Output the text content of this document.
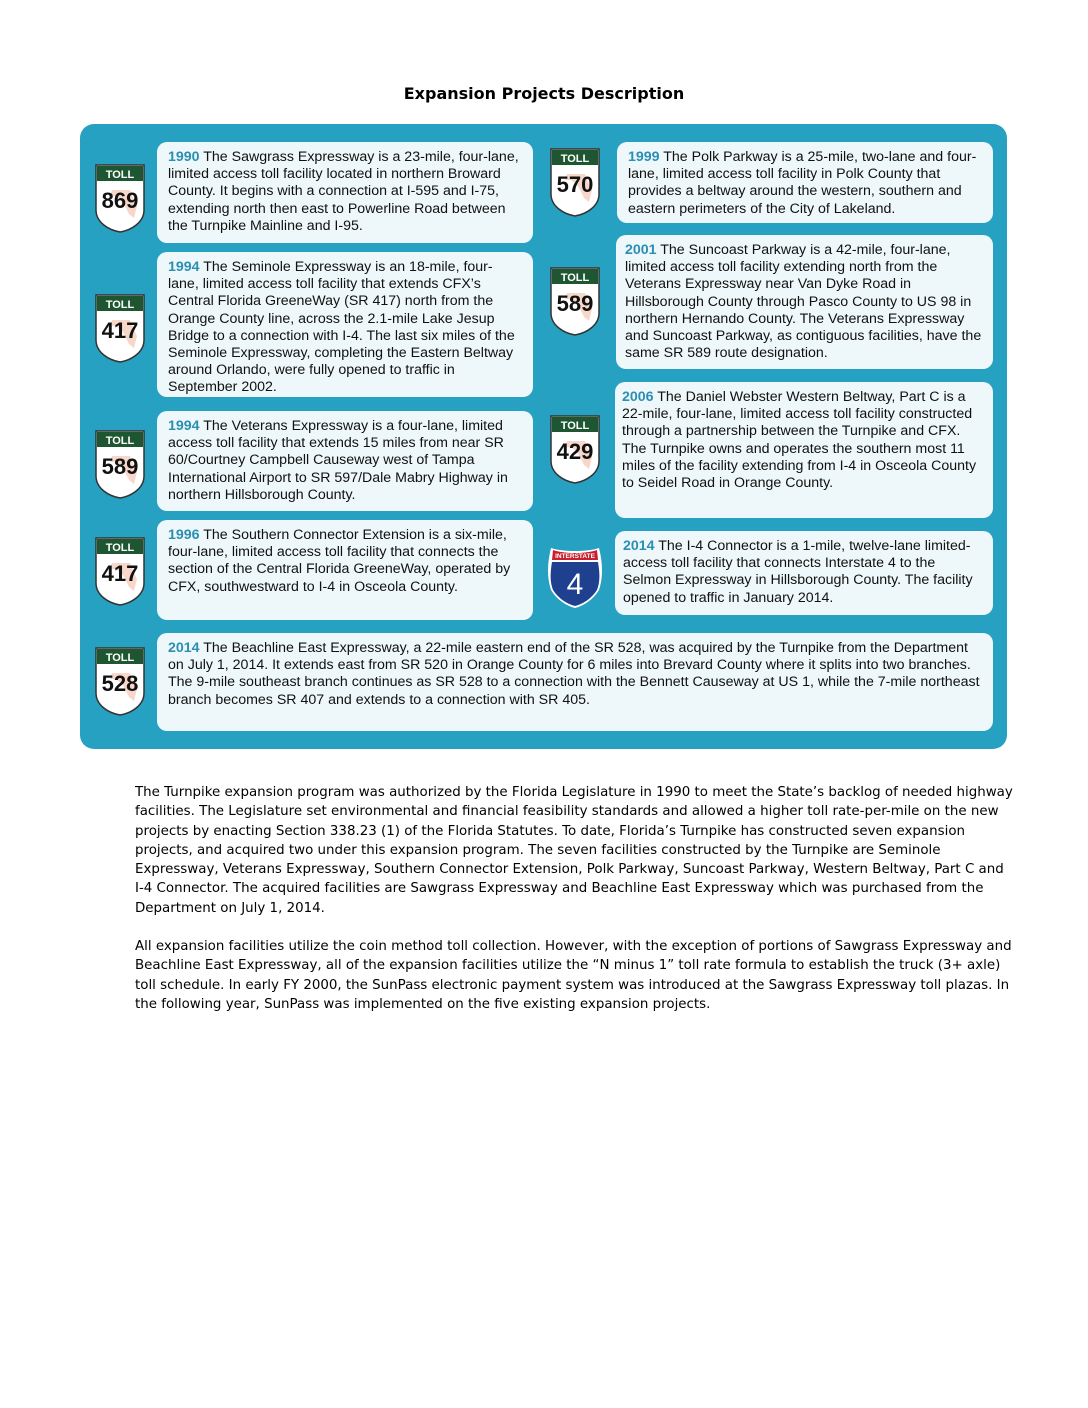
Expansion Projects Description
TOLL
869
TOLL
417
TOLL
589
TOLL
417
TOLL
528
TOLL
570
TOLL
589
TOLL
429
INTERSTATE
4
1990 The Sawgrass Expressway is a 23-mile, four-lane, limited access toll facility located in northern Broward County. It begins with a connection at I-595 and I-75, extending north then east to Powerline Road between the Turnpike Mainline and I-95.
1994 The Seminole Expressway is an 18-mile, four-lane, limited access toll facility that extends CFX’s Central Florida GreeneWay (SR 417) north from the Orange County line, across the 2.1-mile Lake Jesup Bridge to a connection with I-4. The last six miles of the Seminole Expressway, completing the Eastern Beltway around Orlando, were fully opened to traffic in September 2002.
1994 The Veterans Expressway is a four-lane, limited access toll facility that extends 15 miles from near SR 60/Courtney Campbell Causeway west of Tampa International Airport to SR 597/Dale Mabry Highway in northern Hillsborough County.
1996 The Southern Connector Extension is a six-mile, four-lane, limited access toll facility that connects the section of the Central Florida GreeneWay, operated by CFX, southwestward to I-4 in Osceola County.
1999 The Polk Parkway is a 25-mile, two-lane and four-lane, limited access toll facility in Polk County that provides a beltway around the western, southern and eastern perimeters of the City of Lakeland.
2001 The Suncoast Parkway is a 42-mile, four-lane, limited access toll facility extending north from the Veterans Expressway near Van Dyke Road in Hillsborough County through Pasco County to US 98 in northern Hernando County. The Veterans Expressway and Suncoast Parkway, as contiguous facilities, have the same SR 589 route designation.
2006 The Daniel Webster Western Beltway, Part C is a 22-mile, four-lane, limited access toll facility constructed through a partnership between the Turnpike and CFX. The Turnpike owns and operates the southern most 11 miles of the facility extending from I-4 in Osceola County to Seidel Road in Orange County.
2014 The I-4 Connector is a 1-mile, twelve-lane limited-access toll facility that connects Interstate 4 to the Selmon Expressway in Hillsborough County. The facility opened to traffic in January 2014.
2014 The Beachline East Expressway, a 22-mile eastern end of the SR 528, was acquired by the Turnpike from the Department on July 1, 2014. It extends east from SR 520 in Orange County for 6 miles into Brevard County where it splits into two branches. The 9-mile southeast branch continues as SR 528 to a connection with the Bennett Causeway at US 1, while the 7-mile northeast branch becomes SR 407 and extends to a connection with SR 405.
The Turnpike expansion program was authorized by the Florida Legislature in 1990 to meet the State’s backlog of needed highway facilities. The Legislature set environmental and financial feasibility standards and allowed a higher toll rate-per-mile on the new projects by enacting Section 338.23 (1) of the Florida Statutes. To date, Florida’s Turnpike has constructed seven expansion projects, and acquired two under this expansion program. The seven facilities constructed by the Turnpike are Seminole Expressway, Veterans Expressway, Southern Connector Extension, Polk Parkway, Suncoast Parkway, Western Beltway, Part C and I-4 Connector. The acquired facilities are Sawgrass Expressway and Beachline East Expressway which was purchased from the Department on July 1, 2014.
All expansion facilities utilize the coin method toll collection. However, with the exception of portions of Sawgrass Expressway and Beachline East Expressway, all of the expansion facilities utilize the “N minus 1” toll rate formula to establish the truck (3+ axle) toll schedule. In early FY 2000, the SunPass electronic payment system was introduced at the Sawgrass Expressway toll plazas. In the following year, SunPass was implemented on the five existing expansion projects.
